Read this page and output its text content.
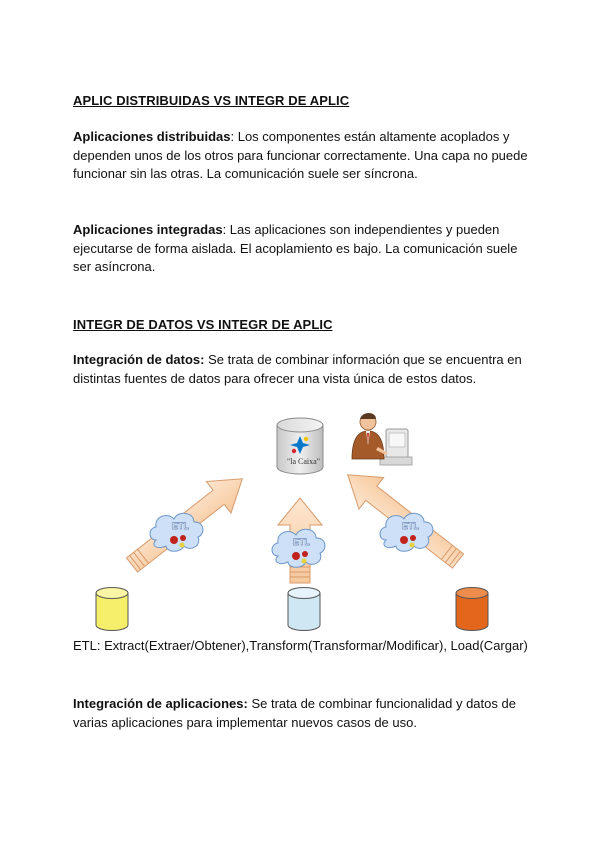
APLIC DISTRIBUIDAS VS INTEGR DE APLIC
Aplicaciones distribuidas: Los componentes están altamente acoplados y dependen unos de los otros para funcionar correctamente. Una capa no puede funcionar sin las otras. La comunicación suele ser síncrona.
Aplicaciones integradas: Las aplicaciones son independientes y pueden ejecutarse de forma aislada. El acoplamiento es bajo. La comunicación suele ser asíncrona.
INTEGR DE DATOS VS INTEGR DE APLIC
Integración de datos: Se trata de combinar información que se encuentra en distintas fuentes de datos para ofrecer una vista única de estos datos.
ETL
ETL
ETL
"la Caixa"
ETL: Extract(Extraer/Obtener),Transform(Transformar/Modificar), Load(Cargar)
Integración de aplicaciones: Se trata de combinar funcionalidad y datos de varias aplicaciones para implementar nuevos casos de uso.
